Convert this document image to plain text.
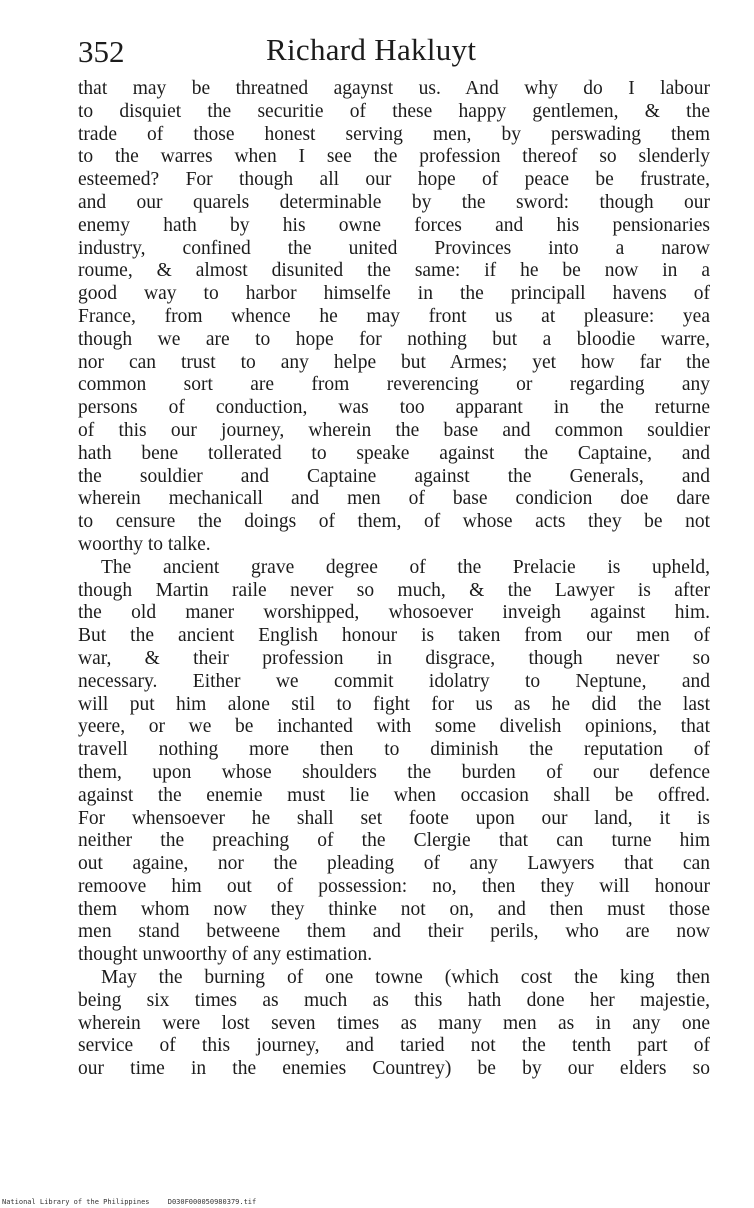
352	Richard Hakluyt
that may be threatned agaynst us. And why do I labour
to disquiet the securitie of these happy gentlemen, & the
trade of those honest serving men, by perswading them
to the warres when I see the profession thereof so slenderly
esteemed? For though all our hope of peace be frustrate,
and our quarels determinable by the sword: though our
enemy hath by his owne forces and his pensionaries
industry, confined the united Provinces into a narow
roume, & almost disunited the same: if he be now in a
good way to harbor himselfe in the principall havens of
France, from whence he may front us at pleasure: yea
though we are to hope for nothing but a bloodie warre,
nor can trust to any helpe but Armes; yet how far the
common sort are from reverencing or regarding any
persons of conduction, was too apparant in the returne
of this our journey, wherein the base and common souldier
hath bene tollerated to speake against the Captaine, and
the souldier and Captaine against the Generals, and
wherein mechanicall and men of base condicion doe dare
to censure the doings of them, of whose acts they be not
woorthy to talke.
The ancient grave degree of the Prelacie is upheld,
though Martin raile never so much, & the Lawyer is after
the old maner worshipped, whosoever inveigh against him.
But the ancient English honour is taken from our men of
war, & their profession in disgrace, though never so
necessary. Either we commit idolatry to Neptune, and
will put him alone stil to fight for us as he did the last
yeere, or we be inchanted with some divelish opinions, that
travell nothing more then to diminish the reputation of
them, upon whose shoulders the burden of our defence
against the enemie must lie when occasion shall be offred.
For whensoever he shall set foote upon our land, it is
neither the preaching of the Clergie that can turne him
out againe, nor the pleading of any Lawyers that can
remoove him out of possession: no, then they will honour
them whom now they thinke not on, and then must those
men stand betweene them and their perils, who are now
thought unwoorthy of any estimation.
May the burning of one towne (which cost the king then
being six times as much as this hath done her majestie,
wherein were lost seven times as many men as in any one
service of this journey, and taried not the tenth part of
our time in the enemies Countrey) be by our elders so
National Library of the Philippines	D030F000050980379.tif
